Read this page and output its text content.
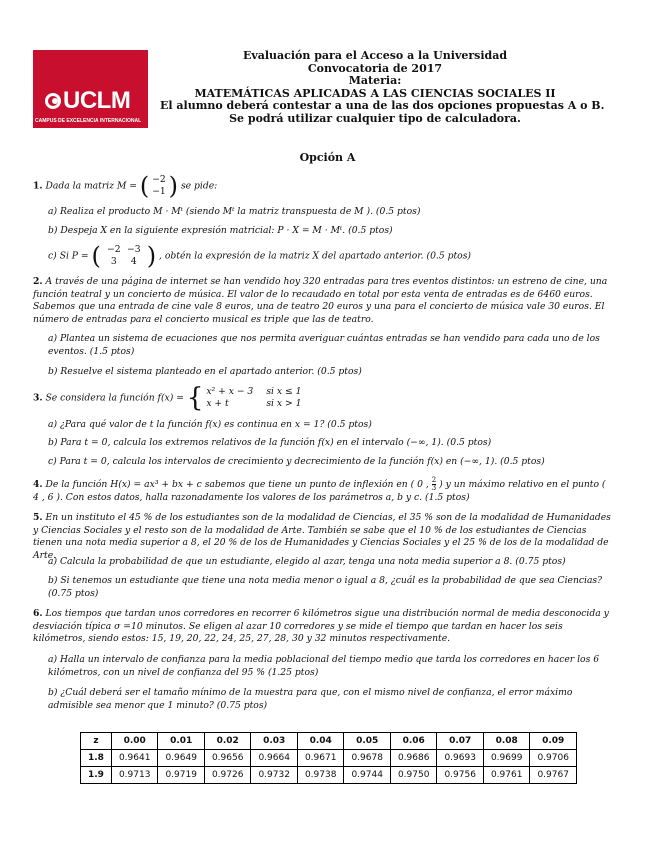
UCLM
CAMPUS DE EXCELENCIA INTERNACIONAL
Evaluación para el Acceso a la Universidad
Convocatoria de 2017
Materia:
MATEMÁTICAS APLICADAS A LAS CIENCIAS SOCIALES II
El alumno deberá contestar a una de las dos opciones propuestas A o B.
Se podrá utilizar cualquier tipo de calculadora.
Opción A
1. Dada la matriz M = ( −2
−1 ) se pide:
a) Realiza el producto M · Mᵗ (siendo Mᵗ la matriz transpuesta de M ). (0.5 ptos)
b) Despeja X en la siguiente expresión matricial: P · X = M · Mᵗ. (0.5 ptos)
c) Si P = ( −2 −3
3 4 ) , obtén la expresión de la matriz X del apartado anterior. (0.5 ptos)
2. A través de una página de internet se han vendido hoy 320 entradas para tres eventos distintos: un estreno de cine, una función teatral y un concierto de música. El valor de lo recaudado en total por esta venta de entradas es de 6460 euros. Sabemos que una entrada de cine vale 8 euros, una de teatro 20 euros y una para el concierto de música vale 30 euros. El número de entradas para el concierto musical es triple que las de teatro.
a) Plantea un sistema de ecuaciones que nos permita averiguar cuántas entradas se han vendido para cada uno de los eventos. (1.5 ptos)
b) Resuelve el sistema planteado en el apartado anterior. (0.5 ptos)
3. Se considera la función f(x) = { x² + x − 3 si x ≤ 1
x + t	si x > 1
a) ¿Para qué valor de t la función f(x) es continua en x = 1? (0.5 ptos)
b) Para t = 0, calcula los extremos relativos de la función f(x) en el intervalo (−∞, 1). (0.5 ptos)
c) Para t = 0, calcula los intervalos de crecimiento y decrecimiento de la función f(x) en (−∞, 1). (0.5 ptos)
4. De la función H(x) = ax³ + bx + c sabemos que tiene un punto de inflexión en ( 0 , $\frac{2}{3}$ ) y un máximo relativo en el punto ( 4 , 6 ). Con estos datos, halla razonadamente los valores de los parámetros a, b y c. (1.5 ptos)
5. En un instituto el 45 % de los estudiantes son de la modalidad de Ciencias, el 35 % son de la modalidad de Humanidades y Ciencias Sociales y el resto son de la modalidad de Arte. También se sabe que el 10 % de los estudiantes de Ciencias tienen una nota media superior a 8, el 20 % de los de Humanidades y Ciencias Sociales y el 25 % de los de la modalidad de Arte.
a) Calcula la probabilidad de que un estudiante, elegido al azar, tenga una nota media superior a 8. (0.75 ptos)
b) Si tenemos un estudiante que tiene una nota media menor o igual a 8, ¿cuál es la probabilidad de que sea Ciencias? (0.75 ptos)
6. Los tiempos que tardan unos corredores en recorrer 6 kilómetros sigue una distribución normal de media desconocida y desviación típica σ =10 minutos. Se eligen al azar 10 corredores y se mide el tiempo que tardan en hacer los seis kilómetros, siendo estos: 15, 19, 20, 22, 24, 25, 27, 28, 30 y 32 minutos respectivamente.
a) Halla un intervalo de confianza para la media poblacional del tiempo medio que tarda los corredores en hacer los 6 kilómetros, con un nivel de confianza del 95 % (1.25 ptos)
b) ¿Cuál deberá ser el tamaño mínimo de la muestra para que, con el mismo nivel de confianza, el error máximo admisible sea menor que 1 minuto? (0.75 ptos)
z	0.00	0.01	0.02	0.03	0.04	0.05	0.06	0.07	0.08	0.09
1.8	0.9641	0.9649	0.9656	0.9664	0.9671	0.9678	0.9686	0.9693	0.9699	0.9706
1.9	0.9713	0.9719	0.9726	0.9732	0.9738	0.9744	0.9750	0.9756	0.9761	0.9767
